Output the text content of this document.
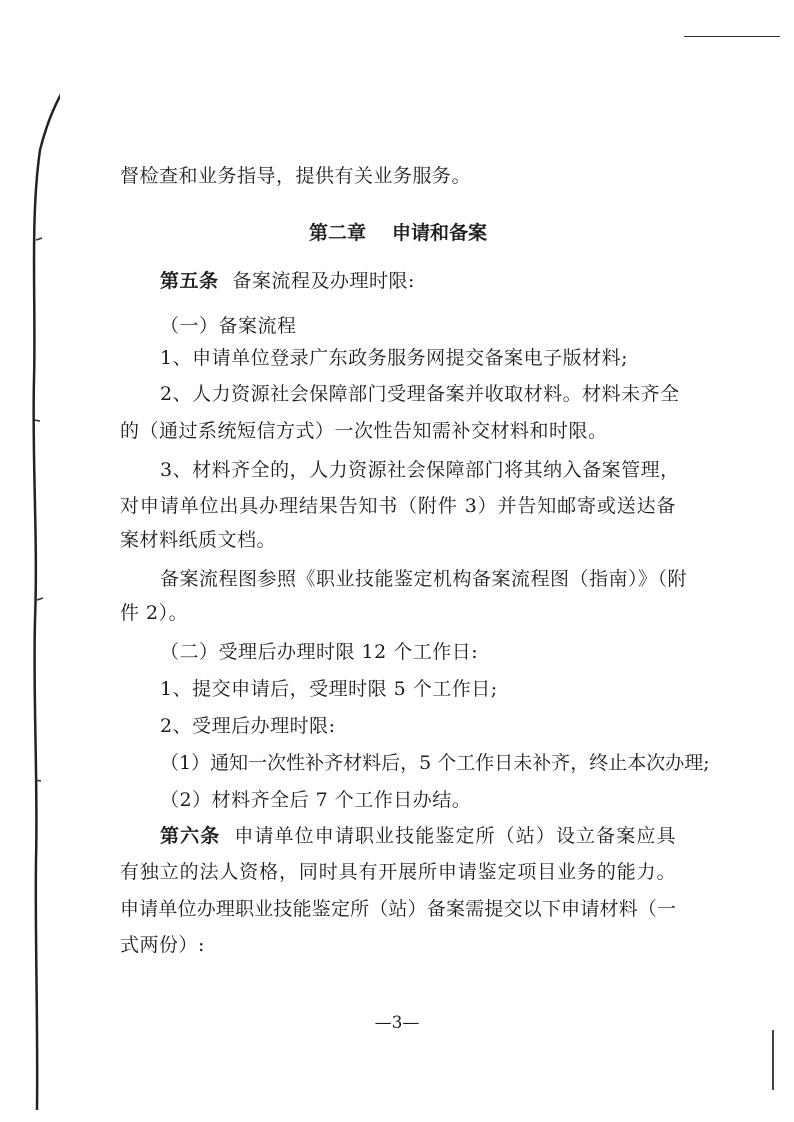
督检查和业务指导，提供有关业务服务。
第二章 申请和备案
第五条 备案流程及办理时限:
（一）备案流程
1、申请单位登录广东政务服务网提交备案电子版材料;
2、人力资源社会保障部门受理备案并收取材料。材料未齐全
的（通过系统短信方式）一次性告知需补交材料和时限。
3、材料齐全的，人力资源社会保障部门将其纳入备案管理，
对申请单位出具办理结果告知书（附件 3）并告知邮寄或送达备
案材料纸质文档。
备案流程图参照《职业技能鉴定机构备案流程图（指南）》（附
件 2）。
（二）受理后办理时限 12 个工作日:
1、提交申请后，受理时限 5 个工作日;
2、受理后办理时限:
（1）通知一次性补齐材料后，5 个工作日未补齐，终止本次办理;
（2）材料齐全后 7 个工作日办结。
第六条 申请单位申请职业技能鉴定所（站）设立备案应具
有独立的法人资格，同时具有开展所申请鉴定项目业务的能力。
申请单位办理职业技能鉴定所（站）备案需提交以下申请材料（一
式两份）:
—3—
